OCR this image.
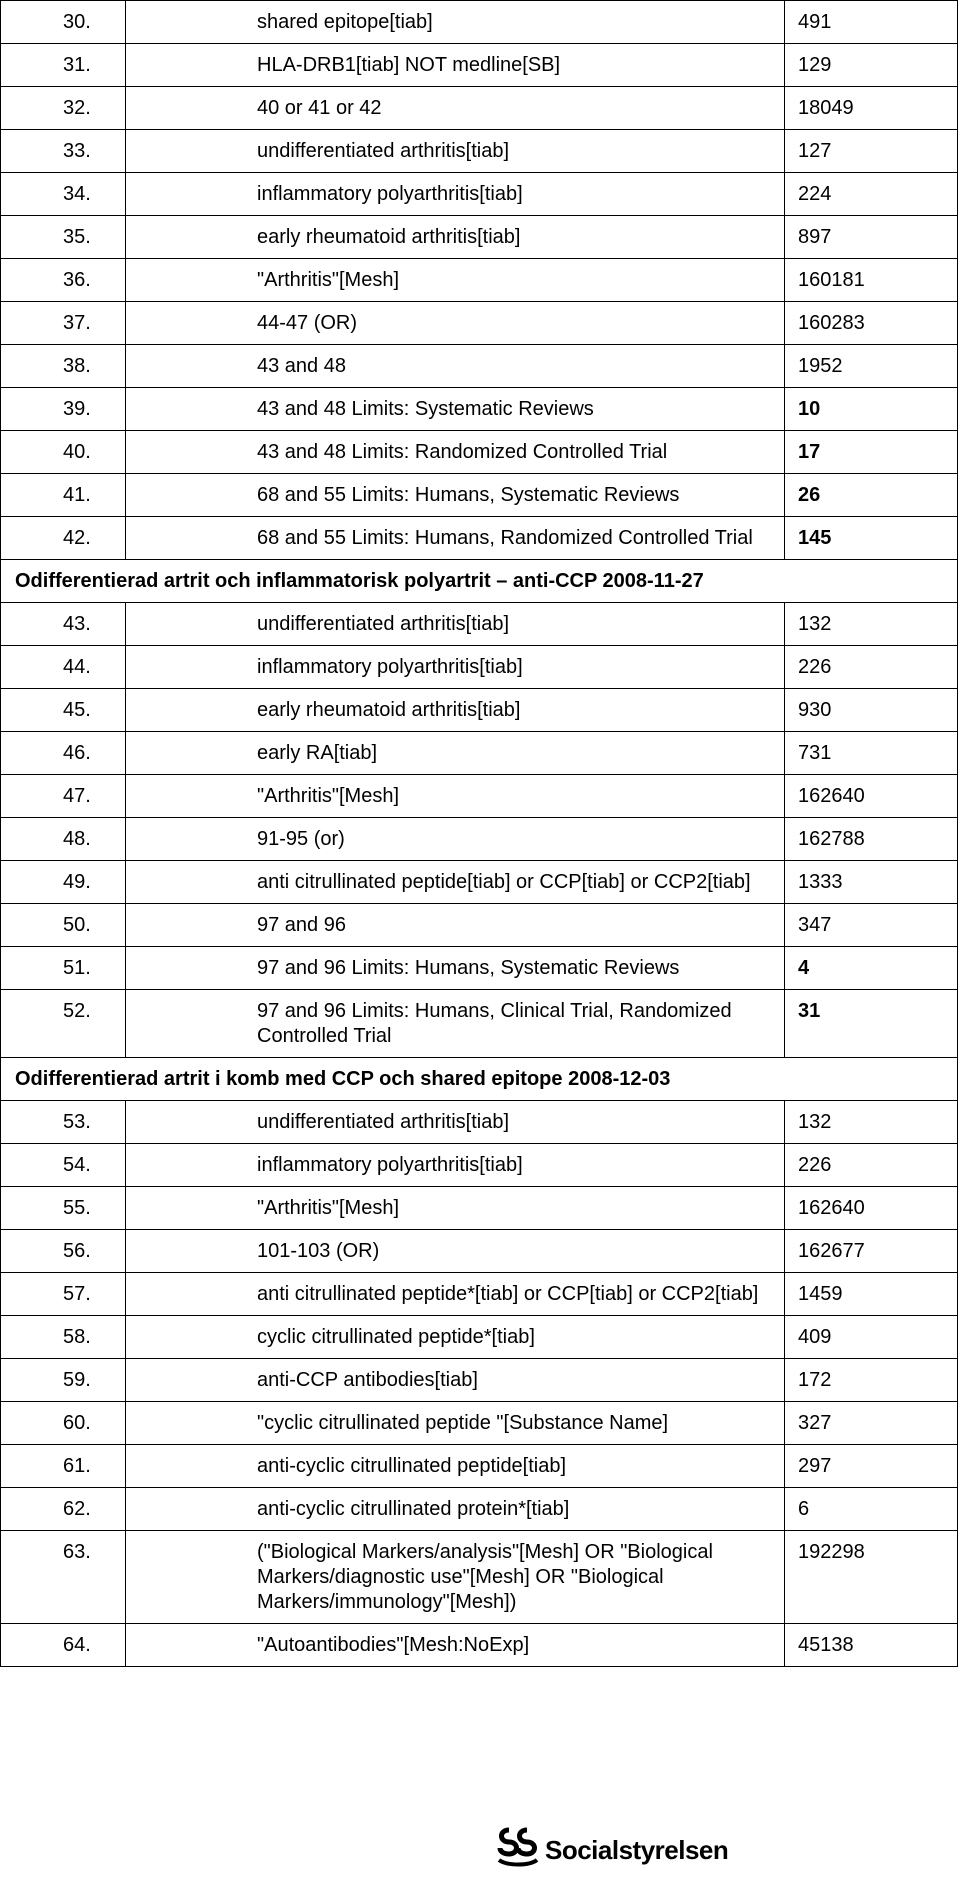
30.	shared epitope[tiab]	491
31.	HLA-DRB1[tiab] NOT medline[SB]	129
32.	40 or 41 or 42	18049
33.	undifferentiated arthritis[tiab]	127
34.	inflammatory polyarthritis[tiab]	224
35.	early rheumatoid arthritis[tiab]	897
36.	"Arthritis"[Mesh]	160181
37.	44-47 (OR)	160283
38.	43 and 48	1952
39.	43 and 48 Limits: Systematic Reviews	10
40.	43 and 48 Limits: Randomized Controlled Trial	17
41.	68 and 55 Limits: Humans, Systematic Reviews	26
42.	68 and 55 Limits: Humans, Randomized Controlled Trial	145
Odifferentierad artrit och inflammatorisk polyartrit – anti-CCP 2008-11-27		
43.	undifferentiated arthritis[tiab]	132
44.	inflammatory polyarthritis[tiab]	226
45.	early rheumatoid arthritis[tiab]	930
46.	early RA[tiab]	731
47.	"Arthritis"[Mesh]	162640
48.	91-95 (or)	162788
49.	anti citrullinated peptide[tiab] or CCP[tiab] or CCP2[tiab]	1333
50.	97 and 96	347
51.	97 and 96 Limits: Humans, Systematic Reviews	4
52.	97 and 96 Limits: Humans, Clinical Trial, Randomized Controlled Trial	31
Odifferentierad artrit i komb med CCP och shared epitope 2008-12-03		
53.	undifferentiated arthritis[tiab]	132
54.	inflammatory polyarthritis[tiab]	226
55.	"Arthritis"[Mesh]	162640
56.	101-103 (OR)	162677
57.	anti citrullinated peptide*[tiab] or CCP[tiab] or CCP2[tiab]	1459
58.	cyclic citrullinated peptide*[tiab]	409
59.	anti-CCP antibodies[tiab]	172
60.	"cyclic citrullinated peptide "[Substance Name]	327
61.	anti-cyclic citrullinated peptide[tiab]	297
62.	anti-cyclic citrullinated protein*[tiab]	6
63.	("Biological Markers/analysis"[Mesh] OR "Biological Markers/diagnostic use"[Mesh] OR "Biological Markers/immunology"[Mesh])	192298
64.	"Autoantibodies"[Mesh:NoExp]	45138
Socialstyrelsen
